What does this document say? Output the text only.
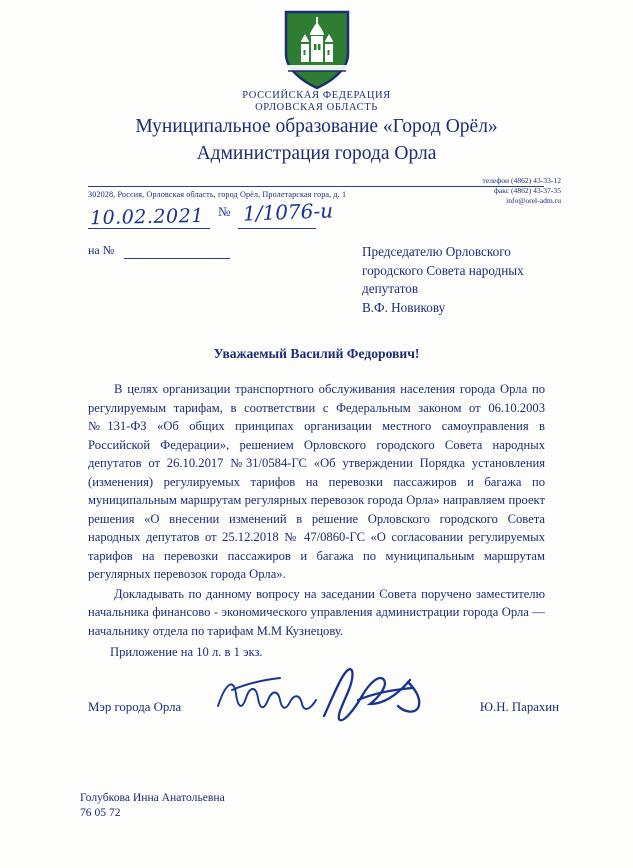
РОССИЙСКАЯ ФЕДЕРАЦИЯ
ОРЛОВСКАЯ ОБЛАСТЬ
Муниципальное образование «Город Орёл»
Администрация города Орла
302028, Россия, Орловская область, город Орёл, Пролетарская гора, д. 1
телефон (4862) 43-33-12
факс (4862) 43-37-35
info@orel-adm.ru
10.02.2021 № 1/1076-и
на №	Председателю Орловского
городского Совета народных
депутатов
В.Ф. Новикову
Уважаемый Василий Федорович!

В целях организации транспортного обслуживания населения города Орла по регулируемым тарифам, в соответствии с Федеральным законом от 06.10.2003 №131-ФЗ «Об общих принципах организации местного самоуправления в Российской Федерации», решением Орловского городского Совета народных депутатов от 26.10.2017 №31/0584-ГС «Об утверждении Порядка установления (изменения) регулируемых тарифов на перевозки пассажиров и багажа по муниципальным маршрутам регулярных перевозок города Орла» направляем проект решения «О внесении изменений в решение Орловского городского Совета народных депутатов от 25.12.2018 № 47/0860-ГС «О согласовании регулируемых тарифов на перевозки пассажиров и багажа по муниципальным маршрутам регулярных перевозок города Орла».

Докладывать по данному вопросу на заседании Совета поручено заместителю начальника финансово - экономического управления администрации города Орла — начальнику отдела по тарифам М.М Кузнецову.

Приложение на 10 л. в 1 экз.
Мэр города Орла	Ю.Н. Парахин
Голубкова Инна Анатольевна
76 05 72
